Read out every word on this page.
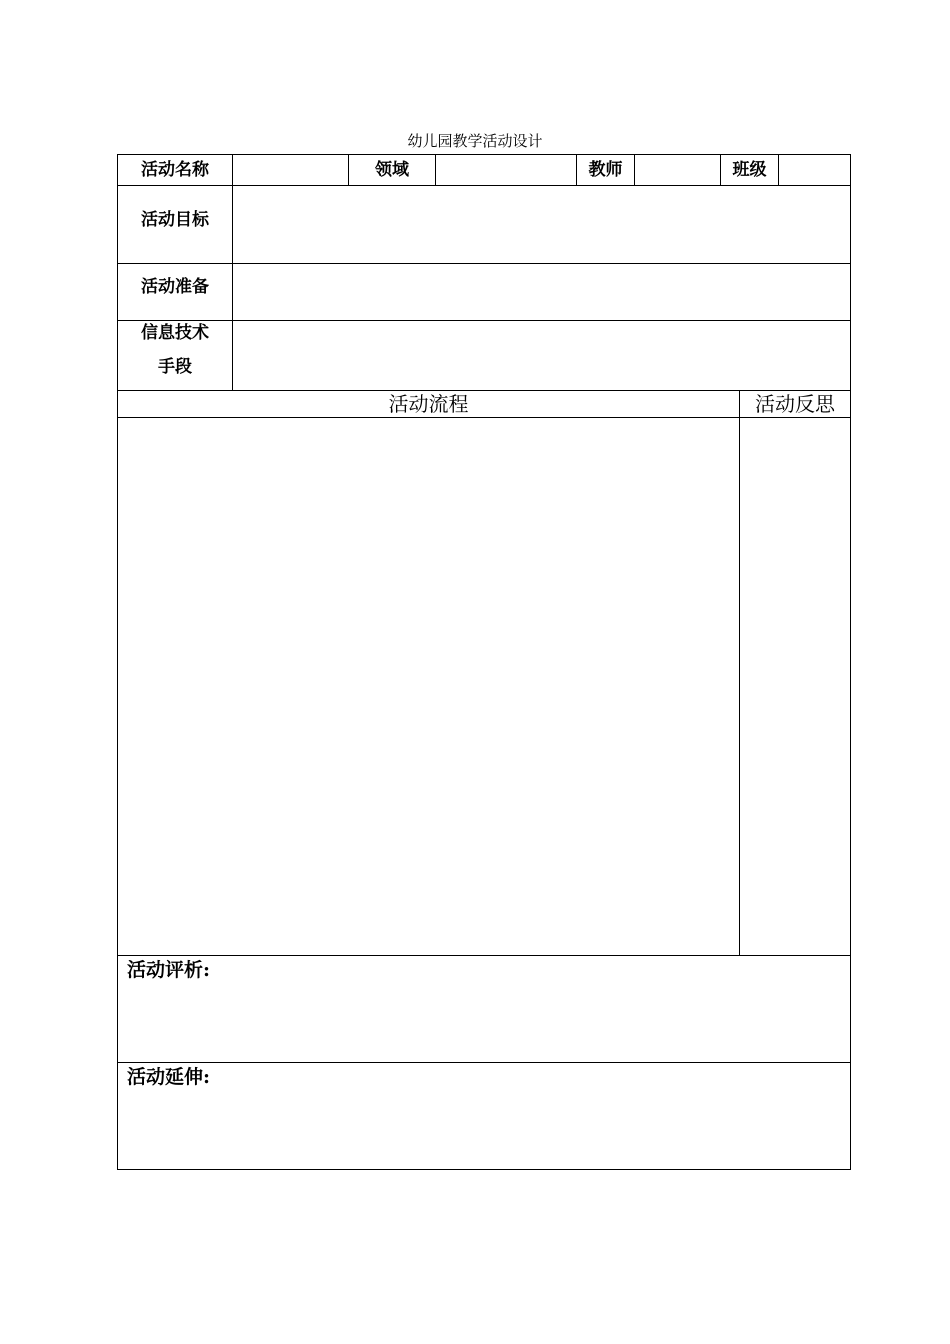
幼儿园教学活动设计
活动名称	领域	教师	班级
活动目标
活动准备
信息技术
手段
活动流程	活动反思
活动评析:
活动延伸:
